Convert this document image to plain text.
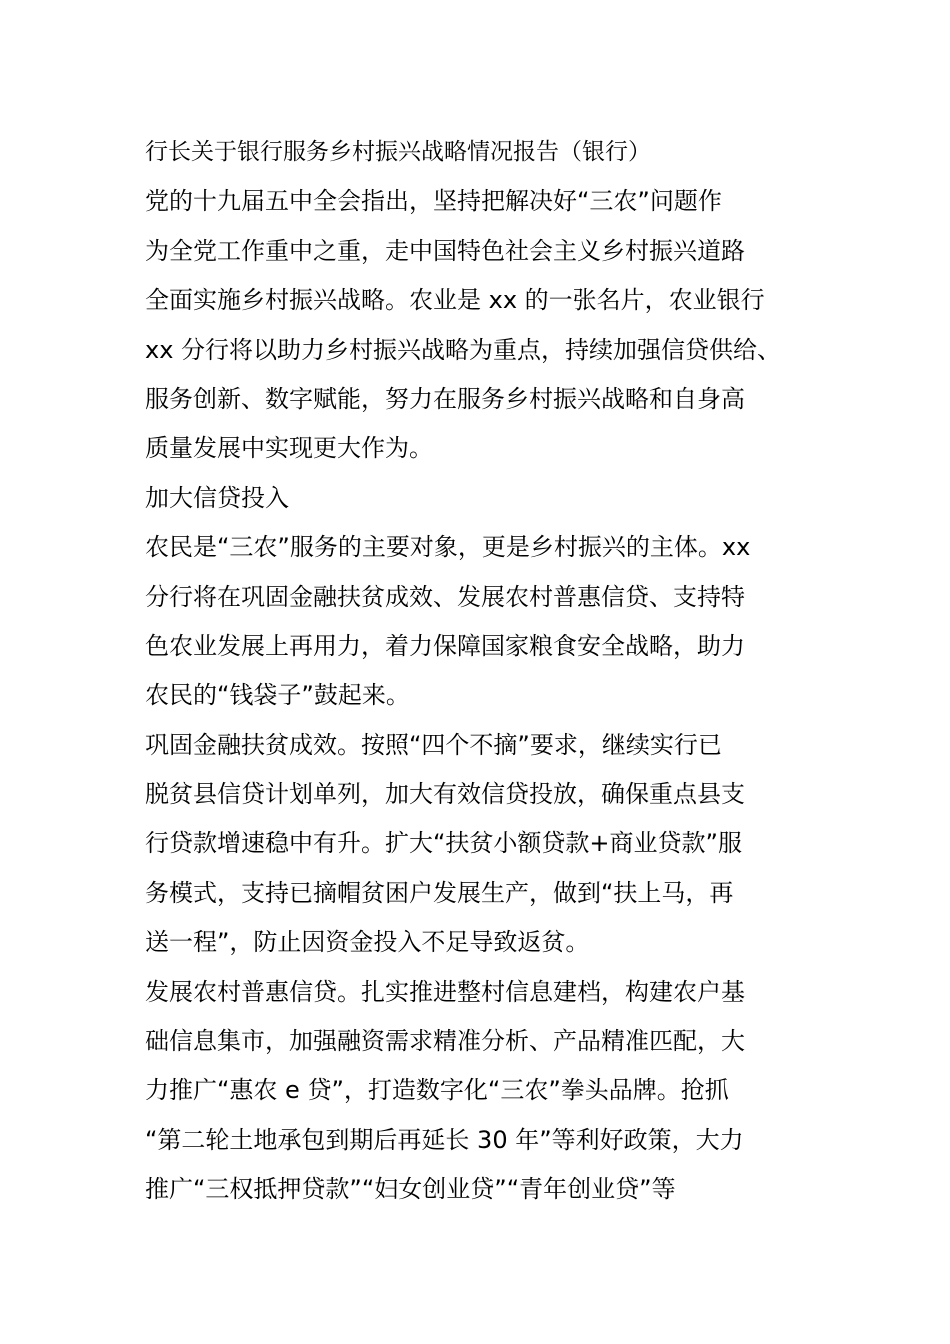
行长关于银行服务乡村振兴战略情况报告（银行）
党的十九届五中全会指出，坚持把解决好“三农”问题作
为全党工作重中之重，走中国特色社会主义乡村振兴道路
全面实施乡村振兴战略。农业是 xx 的一张名片，农业银行
xx 分行将以助力乡村振兴战略为重点，持续加强信贷供给、
服务创新、数字赋能，努力在服务乡村振兴战略和自身高
质量发展中实现更大作为。
加大信贷投入
农民是“三农”服务的主要对象，更是乡村振兴的主体。xx
分行将在巩固金融扶贫成效、发展农村普惠信贷、支持特
色农业发展上再用力，着力保障国家粮食安全战略，助力
农民的“钱袋子”鼓起来。
巩固金融扶贫成效。按照“四个不摘”要求，继续实行已
脱贫县信贷计划单列，加大有效信贷投放，确保重点县支
行贷款增速稳中有升。扩大“扶贫小额贷款+商业贷款”服
务模式，支持已摘帽贫困户发展生产，做到“扶上马，再
送一程”，防止因资金投入不足导致返贫。
发展农村普惠信贷。扎实推进整村信息建档，构建农户基
础信息集市，加强融资需求精准分析、产品精准匹配，大
力推广“惠农 e 贷”，打造数字化“三农”拳头品牌。抢抓
“第二轮土地承包到期后再延长 30 年”等利好政策，大力
推广“三权抵押贷款”“妇女创业贷”“青年创业贷”等
